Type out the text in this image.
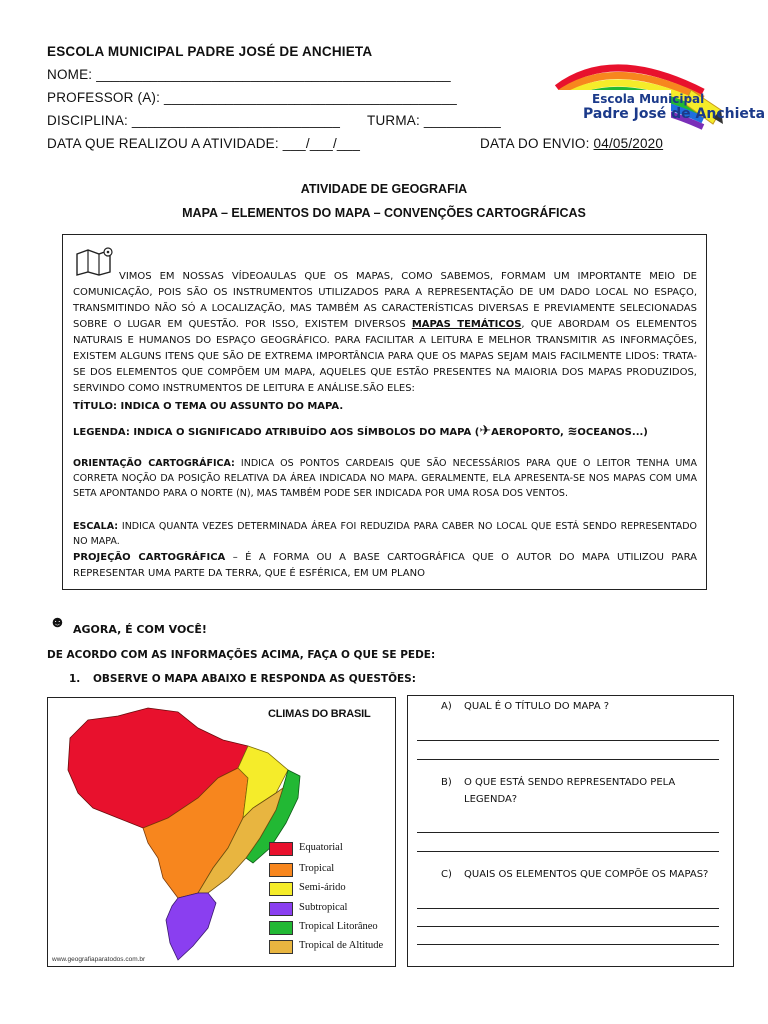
ESCOLA MUNICIPAL PADRE JOSÉ DE ANCHIETA
NOME: ______________________________________________
PROFESSOR (A): ______________________________________
DISCIPLINA: ___________________________ TURMA: __________
DATA QUE REALIZOU A ATIVIDADE: ___/___/___	DATA DO ENVIO: 04/05/2020
Escola Municipal
Padre José de Anchieta
ATIVIDADE DE GEOGRAFIA
MAPA – ELEMENTOS DO MAPA – CONVENÇÕES CARTOGRÁFICAS

VIMOS EM NOSSAS VÍDEOAULAS QUE OS MAPAS, COMO SABEMOS, FORMAM UM IMPORTANTE MEIO DE COMUNICAÇÃO, POIS SÃO OS INSTRUMENTOS UTILIZADOS PARA A REPRESENTAÇÃO DE UM DADO LOCAL NO ESPAÇO, TRANSMITINDO NÃO SÓ A LOCALIZAÇÃO, MAS TAMBÉM AS CARACTERÍSTICAS DIVERSAS E PREVIAMENTE SELECIONADAS SOBRE O LUGAR EM QUESTÃO. POR ISSO, EXISTEM DIVERSOS MAPAS TEMÁTICOS, QUE ABORDAM OS ELEMENTOS NATURAIS E HUMANOS DO ESPAÇO GEOGRÁFICO. PARA FACILITAR A LEITURA E MELHOR TRANSMITIR AS INFORMAÇÕES, EXISTEM ALGUNS ITENS QUE SÃO DE EXTREMA IMPORTÂNCIA PARA QUE OS MAPAS SEJAM MAIS FACILMENTE LIDOS: TRATA-SE DOS ELEMENTOS QUE COMPÕEM UM MAPA, AQUELES QUE ESTÃO PRESENTES NA MAIORIA DOS MAPAS PRODUZIDOS, SERVINDO COMO INSTRUMENTOS DE LEITURA E ANÁLISE.SÃO ELES:

TÍTULO: INDICA O TEMA OU ASSUNTO DO MAPA.
LEGENDA: INDICA O SIGNIFICADO ATRIBUÍDO AOS SÍMBOLOS DO MAPA (✈AEROPORTO, ≋OCEANOS...)
ORIENTAÇÃO CARTOGRÁFICA: INDICA OS PONTOS CARDEAIS QUE SÃO NECESSÁRIOS PARA QUE O LEITOR TENHA UMA CORRETA NOÇÃO DA POSIÇÃO RELATIVA DA ÁREA INDICADA NO MAPA. GERALMENTE, ELA APRESENTA-SE NOS MAPAS COM UMA SETA APONTANDO PARA O NORTE (N), MAS TAMBÉM PODE SER INDICADA POR UMA ROSA DOS VENTOS.
ESCALA: INDICA QUANTA VEZES DETERMINADA ÁREA FOI REDUZIDA PARA CABER NO LOCAL QUE ESTÁ SENDO REPRESENTADO NO MAPA.
PROJEÇÃO CARTOGRÁFICA – É A FORMA OU A BASE CARTOGRÁFICA QUE O AUTOR DO MAPA UTILIZOU PARA REPRESENTAR UMA PARTE DA TERRA, QUE É ESFÉRICA, EM UM PLANO
☻ AGORA, É COM VOCÊ!
DE ACORDO COM AS INFORMAÇÕES ACIMA, FAÇA O QUE SE PEDE:
1. OBSERVE O MAPA ABAIXO E RESPONDA AS QUESTÕES:
CLIMAS DO BRASIL
Equatorial
Tropical
Semi-árido
Subtropical
Tropical Litorâneo
Tropical de Altitude
www.geografiaparatodos.com.br
A) QUAL É O TÍTULO DO MAPA ?
B) O QUE ESTÁ SENDO REPRESENTADO PELA
LEGENDA?
C) QUAIS OS ELEMENTOS QUE COMPÕE OS MAPAS?
